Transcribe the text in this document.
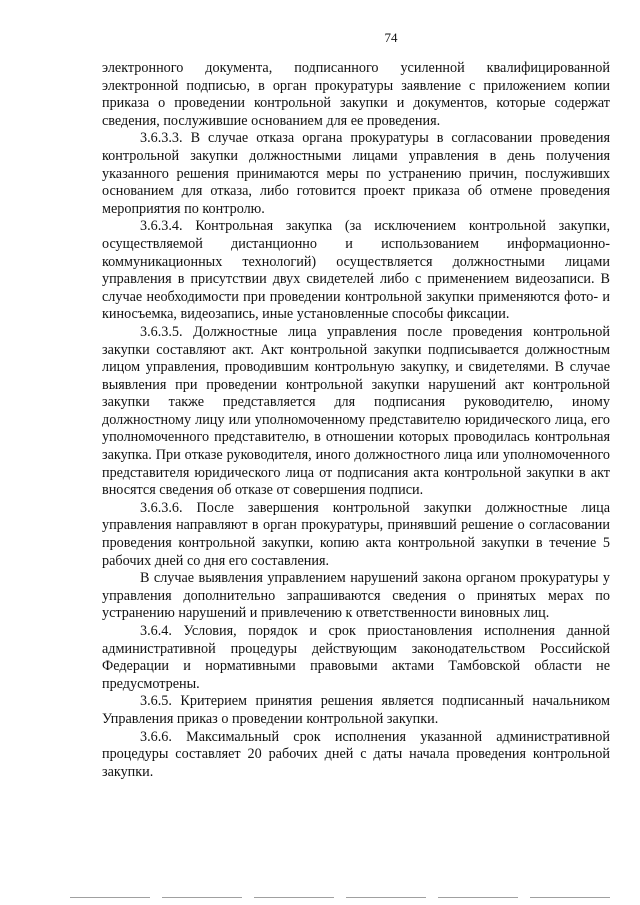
74

электронного документа, подписанного усиленной квалифицированной электронной подписью, в орган прокуратуры заявление с приложением копии приказа о проведении контрольной закупки и документов, которые содержат сведения, послужившие основанием для ее проведения.

3.6.3.3. В случае отказа органа прокуратуры в согласовании проведения контрольной закупки должностными лицами управления в день получения указанного решения принимаются меры по устранению причин, послуживших основанием для отказа, либо готовится проект приказа об отмене проведения мероприятия по контролю.

3.6.3.4. Контрольная закупка (за исключением контрольной закупки, осуществляемой дистанционно и использованием информационно-коммуникационных технологий) осуществляется должностными лицами управления в присутствии двух свидетелей либо с применением видеозаписи. В случае необходимости при проведении контрольной закупки применяются фото- и киносъемка, видеозапись, иные установленные способы фиксации.

3.6.3.5. Должностные лица управления после проведения контрольной закупки составляют акт. Акт контрольной закупки подписывается должностным лицом управления, проводившим контрольную закупку, и свидетелями. В случае выявления при проведении контрольной закупки нарушений акт контрольной закупки также представляется для подписания руководителю, иному должностному лицу или уполномоченному представителю юридического лица, его уполномоченного представителю, в отношении которых проводилась контрольная закупка. При отказе руководителя, иного должностного лица или уполномоченного представителя юридического лица от подписания акта контрольной закупки в акт вносятся сведения об отказе от совершения подписи.

3.6.3.6. После завершения контрольной закупки должностные лица управления направляют в орган прокуратуры, принявший решение о согласовании проведения контрольной закупки, копию акта контрольной закупки в течение 5 рабочих дней со дня его составления.

В случае выявления управлением нарушений закона органом прокуратуры у управления дополнительно запрашиваются сведения о принятых мерах по устранению нарушений и привлечению к ответственности виновных лиц.

3.6.4. Условия, порядок и срок приостановления исполнения данной административной процедуры действующим законодательством Российской Федерации и нормативными правовыми актами Тамбовской области не предусмотрены.

3.6.5. Критерием принятия решения является подписанный начальником Управления приказ о проведении контрольной закупки.

3.6.6. Максимальный срок исполнения указанной административной процедуры составляет 20 рабочих дней с даты начала проведения контрольной закупки.
